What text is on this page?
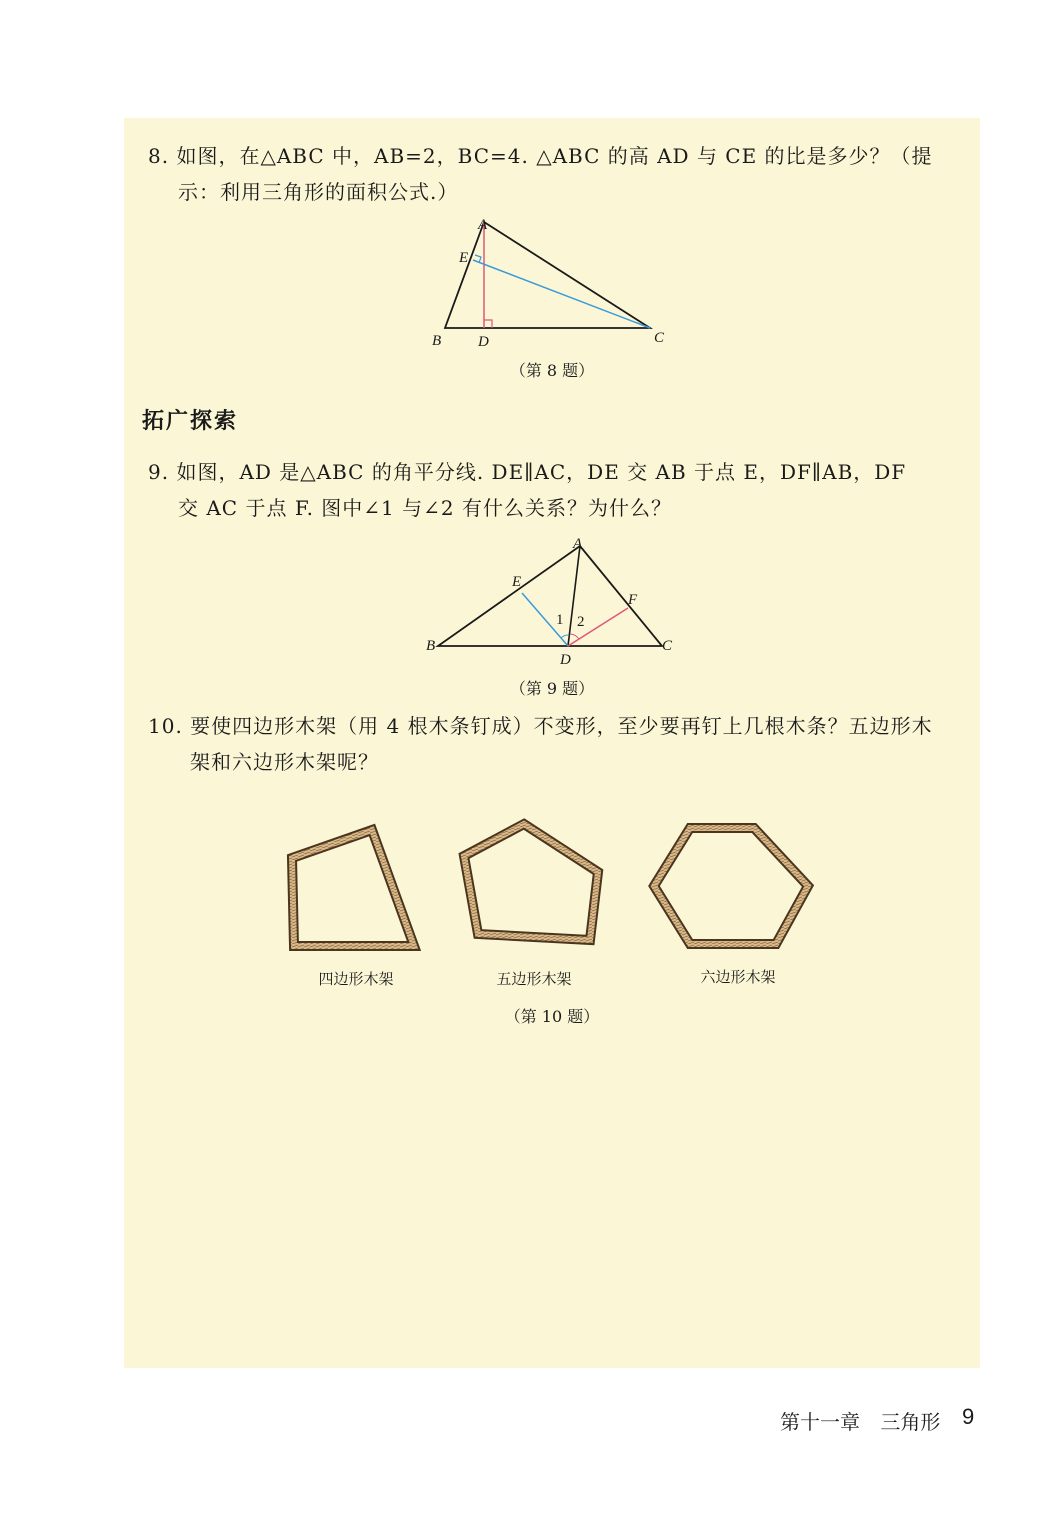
8. 如图，在△ABC 中，AB=2，BC=4. △ABC 的高 AD 与 CE 的比是多少？（提
示：利用三角形的面积公式.）
A
E
B D	C
（第 8 题）
拓广探索
9. 如图，AD 是△ABC 的角平分线. DE∥AC，DE 交 AB 于点 E，DF∥AB，DF
交 AC 于点 F. 图中∠1 与∠2 有什么关系？为什么？
A
E
F
B	C
D
1 2
（第 9 题）
10. 要使四边形木架（用 4 根木条钉成）不变形，至少要再钉上几根木条？五边形木
架和六边形木架呢？
四边形木架	五边形木架	六边形木架
（第 10 题）
第十一章 三角形 9
